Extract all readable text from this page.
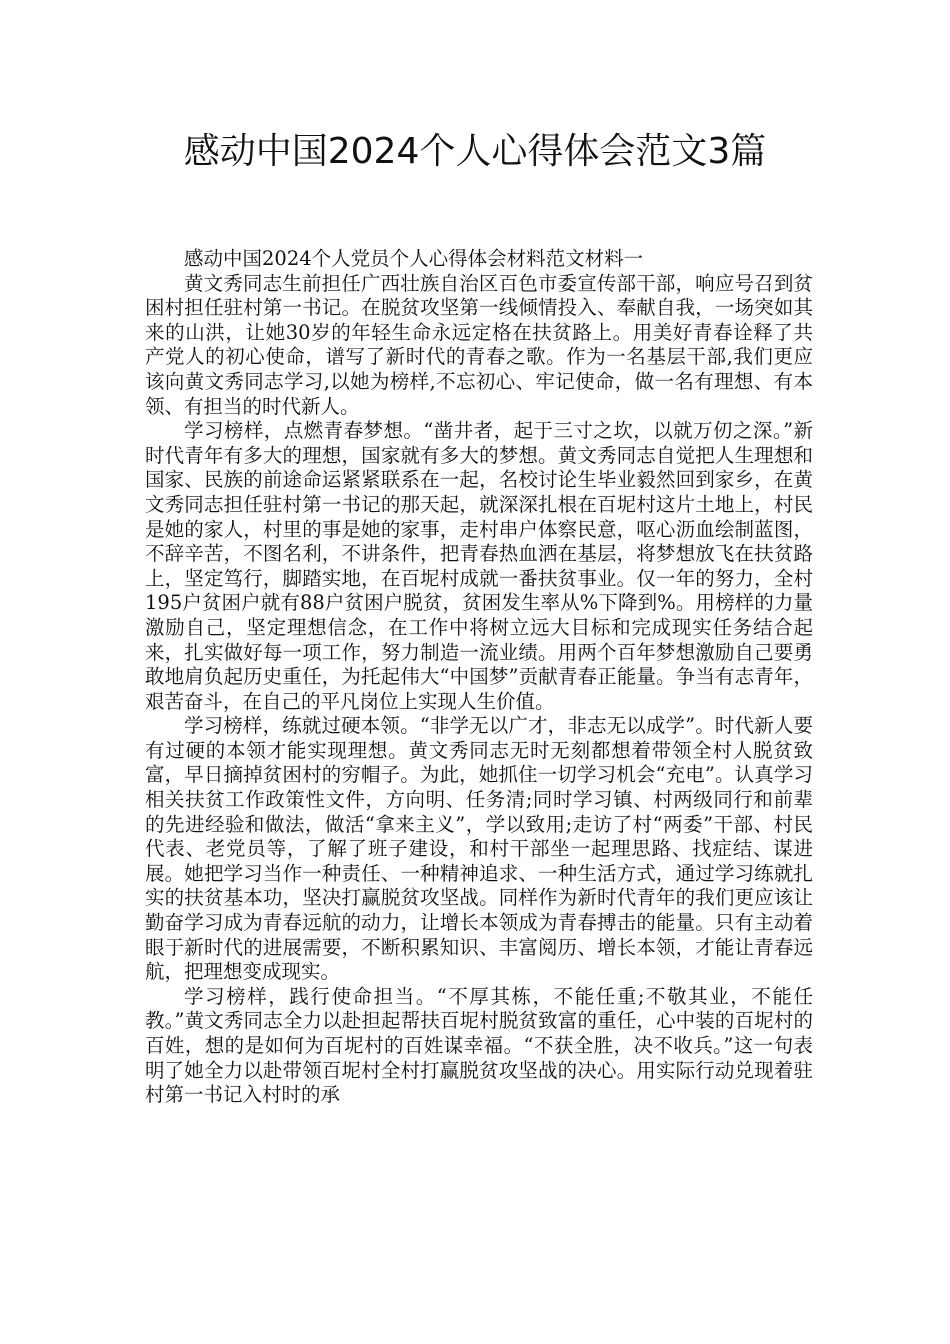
感动中国2024个人心得体会范文3篇

感动中国2024个人党员个人心得体会材料范文材料一

黄文秀同志生前担任广西壮族自治区百色市委宣传部干部，响应号召到贫困村担任驻村第一书记。在脱贫攻坚第一线倾情投入、奉献自我，一场突如其来的山洪，让她30岁的年轻生命永远定格在扶贫路上。用美好青春诠释了共产党人的初心使命，谱写了新时代的青春之歌。作为一名基层干部,我们更应该向黄文秀同志学习,以她为榜样,不忘初心、牢记使命，做一名有理想、有本领、有担当的时代新人。

学习榜样，点燃青春梦想。“凿井者，起于三寸之坎，以就万仞之深。”新时代青年有多大的理想，国家就有多大的梦想。黄文秀同志自觉把人生理想和国家、民族的前途命运紧紧联系在一起，名校讨论生毕业毅然回到家乡，在黄文秀同志担任驻村第一书记的那天起，就深深扎根在百坭村这片土地上，村民是她的家人，村里的事是她的家事，走村串户体察民意，呕心沥血绘制蓝图，不辞辛苦，不图名利，不讲条件，把青春热血洒在基层，将梦想放飞在扶贫路上，坚定笃行，脚踏实地，在百坭村成就一番扶贫事业。仅一年的努力，全村195户贫困户就有88户贫困户脱贫，贫困发生率从%下降到%。用榜样的力量激励自己，坚定理想信念，在工作中将树立远大目标和完成现实任务结合起来，扎实做好每一项工作，努力制造一流业绩。用两个百年梦想激励自己要勇敢地肩负起历史重任，为托起伟大“中国梦”贡献青春正能量。争当有志青年，艰苦奋斗，在自己的平凡岗位上实现人生价值。

学习榜样，练就过硬本领。“非学无以广才，非志无以成学”。时代新人要有过硬的本领才能实现理想。黄文秀同志无时无刻都想着带领全村人脱贫致富，早日摘掉贫困村的穷帽子。为此，她抓住一切学习机会“充电”。认真学习相关扶贫工作政策性文件，方向明、任务清;同时学习镇、村两级同行和前辈的先进经验和做法，做活“拿来主义”，学以致用;走访了村“两委”干部、村民代表、老党员等，了解了班子建设，和村干部坐一起理思路、找症结、谋进展。她把学习当作一种责任、一种精神追求、一种生活方式，通过学习练就扎实的扶贫基本功，坚决打赢脱贫攻坚战。同样作为新时代青年的我们更应该让勤奋学习成为青春远航的动力，让增长本领成为青春搏击的能量。只有主动着眼于新时代的进展需要，不断积累知识、丰富阅历、增长本领，才能让青春远航，把理想变成现实。

学习榜样，践行使命担当。“不厚其栋，不能任重;不敬其业，不能任教。”黄文秀同志全力以赴担起帮扶百坭村脱贫致富的重任，心中装的百坭村的百姓，想的是如何为百坭村的百姓谋幸福。“不获全胜，决不收兵。”这一句表明了她全力以赴带领百坭村全村打赢脱贫攻坚战的决心。用实际行动兑现着驻村第一书记入村时的承
